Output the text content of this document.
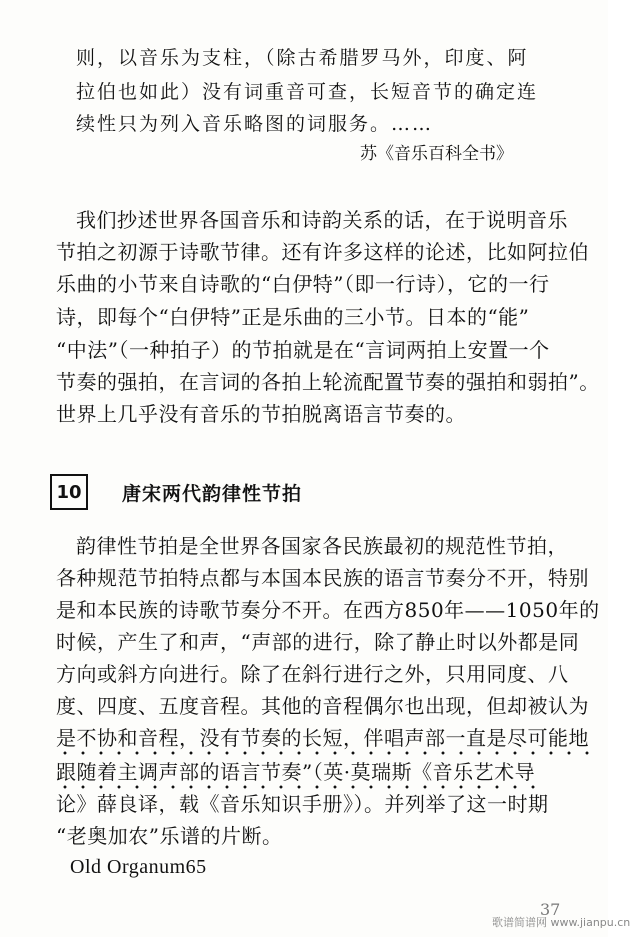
则，以音乐为支柱，（除古希腊罗马外，印度、阿
拉伯也如此）没有词重音可查，长短音节的确定连
续性只为列入音乐略图的词服务。……
苏《音乐百科全书》
我们抄述世界各国音乐和诗韵关系的话，在于说明音乐
节拍之初源于诗歌节律。还有许多这样的论述，比如阿拉伯
乐曲的小节来自诗歌的“白伊特”（即一行诗），它的一行
诗，即每个“白伊特”正是乐曲的三小节。日本的“能”
“中法”（一种拍子）的节拍就是在“言词两拍上安置一个
节奏的强拍，在言词的各拍上轮流配置节奏的强拍和弱拍”。
世界上几乎没有音乐的节拍脱离语言节奏的。
10	唐宋两代韵律性节拍
韵律性节拍是全世界各国家各民族最初的规范性节拍，
各种规范节拍特点都与本国本民族的语言节奏分不开，特别
是和本民族的诗歌节奏分不开。在西方850年——1050年的
时候，产生了和声，“声部的进行，除了静止时以外都是同
方向或斜方向进行。除了在斜行进行之外，只用同度、八
度、四度、五度音程。其他的音程偶尔也出现，但却被认为
是不协和音程，没有节奏的长短，伴唱声部一直是尽可能地
跟随着主调声部的语言节奏”（英·莫瑞斯《音乐艺术导
论》薛良译，载《音乐知识手册》）。并列举了这一时期
“老奥加农”乐谱的片断。
Old Organum65
37
歌谱简谱网 www.jianpu.cn
